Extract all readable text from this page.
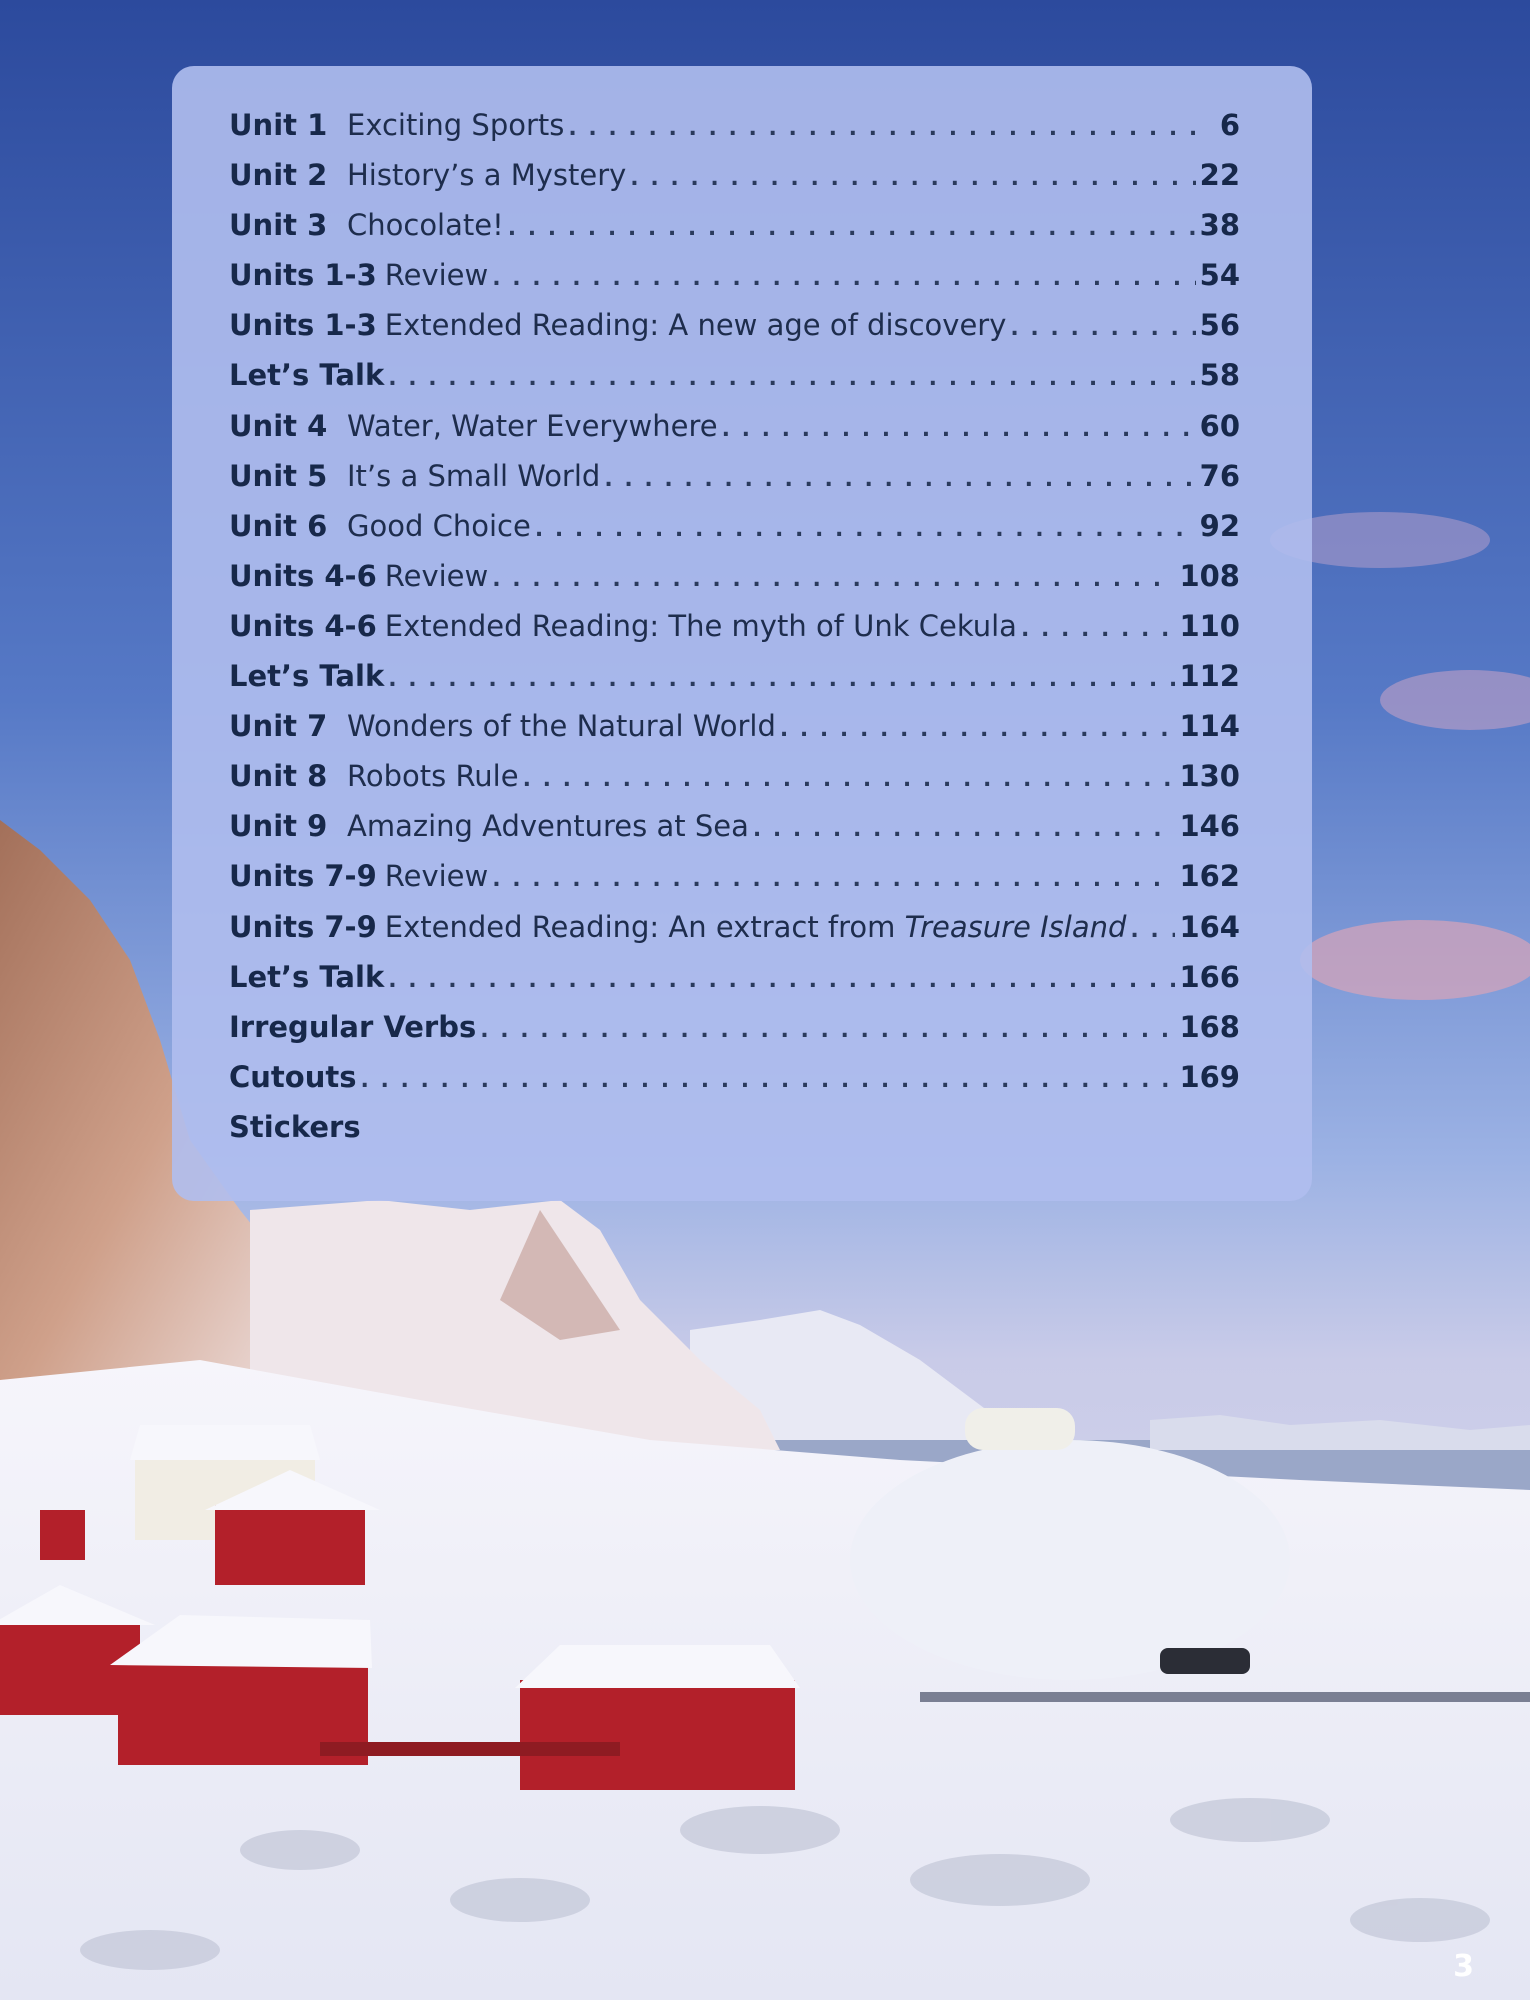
Unit 1 Exciting Sports . . .	6
Unit 2 History’s a Mystery . . .	22
Unit 3 Chocolate! . . .	38
Units 1-3 Review . . .	54
Units 1-3 Extended Reading: A new age of discovery . . .	56
Let’s Talk . . .	58
Unit 4 Water, Water Everywhere . . .	60
Unit 5 It’s a Small World . . .	76
Unit 6 Good Choice . . .	92
Units 4-6 Review . . .	108
Units 4-6 Extended Reading: The myth of Unk Cekula . . .	110
Let’s Talk . . .	112
Unit 7 Wonders of the Natural World . . .	114
Unit 8 Robots Rule . . .	130
Unit 9 Amazing Adventures at Sea . . .	146
Units 7-9 Review . . .	162
Units 7-9 Extended Reading: An extract from Treasure Island . . . 164
Let’s Talk . . .	166
Irregular Verbs . . .	168
Cutouts . . .	169
Stickers
3
